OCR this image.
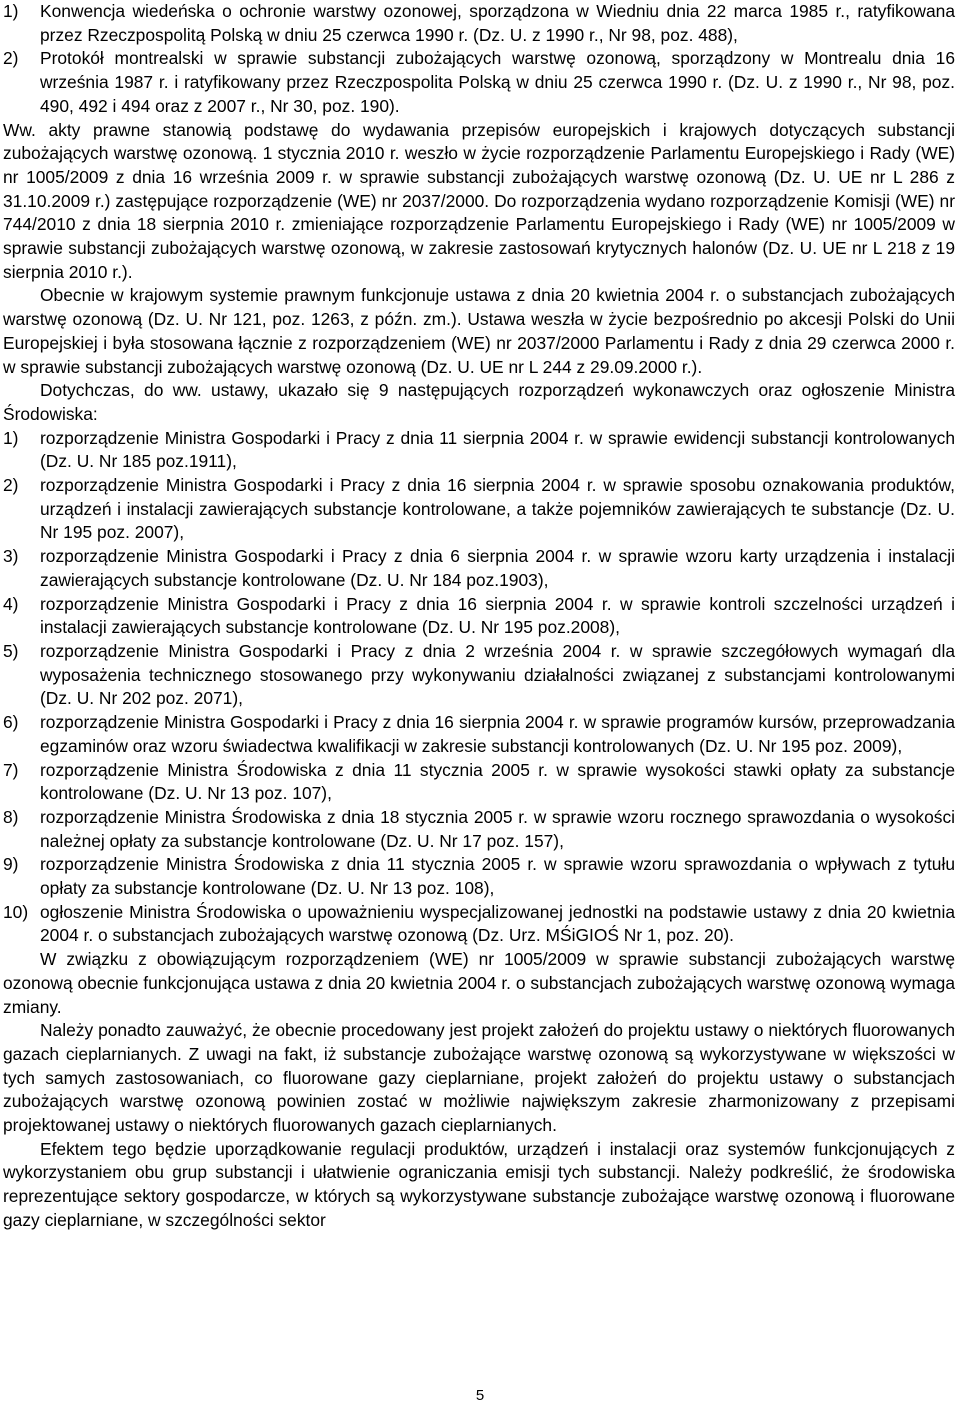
1)	Konwencja wiedeńska o ochronie warstwy ozonowej, sporządzona w Wiedniu dnia 22 marca 1985 r., ratyfikowana przez Rzeczpospolitą Polską w dniu 25 czerwca 1990 r. (Dz. U. z 1990 r., Nr 98, poz. 488),
2)	Protokół montrealski w sprawie substancji zubożających warstwę ozonową, sporządzony w Montrealu dnia 16 września 1987 r. i ratyfikowany przez Rzeczpospolita Polską w dniu 25 czerwca 1990 r. (Dz. U. z 1990 r., Nr 98, poz. 490, 492 i 494 oraz z 2007 r., Nr 30, poz. 190).

Ww. akty prawne stanowią podstawę do wydawania przepisów europejskich i krajowych dotyczących substancji zubożających warstwę ozonową. 1 stycznia 2010 r. weszło w życie rozporządzenie Parlamentu Europejskiego i Rady (WE) nr 1005/2009 z dnia 16 września 2009 r. w sprawie substancji zubożających warstwę ozonową (Dz. U. UE nr L 286 z 31.10.2009 r.) zastępujące rozporządzenie (WE) nr 2037/2000. Do rozporządzenia wydano rozporządzenie Komisji (WE) nr 744/2010 z dnia 18 sierpnia 2010 r. zmieniające rozporządzenie Parlamentu Europejskiego i Rady (WE) nr 1005/2009 w sprawie substancji zubożających warstwę ozonową, w zakresie zastosowań krytycznych halonów (Dz. U. UE nr L 218 z 19 sierpnia 2010 r.).

Obecnie w krajowym systemie prawnym funkcjonuje ustawa z dnia 20 kwietnia 2004 r. o substancjach zubożających warstwę ozonową (Dz. U. Nr 121, poz. 1263, z późn. zm.). Ustawa weszła w życie bezpośrednio po akcesji Polski do Unii Europejskiej i była stosowana łącznie z rozporządzeniem (WE) nr 2037/2000 Parlamentu i Rady z dnia 29 czerwca 2000 r. w sprawie substancji zubożających warstwę ozonową (Dz. U. UE nr L 244 z 29.09.2000 r.).

Dotychczas, do ww. ustawy, ukazało się 9 następujących rozporządzeń wykonawczych oraz ogłoszenie Ministra Środowiska:

1)	rozporządzenie Ministra Gospodarki i Pracy z dnia 11 sierpnia 2004 r. w sprawie ewidencji substancji kontrolowanych (Dz. U. Nr 185 poz.1911),
2)	rozporządzenie Ministra Gospodarki i Pracy z dnia 16 sierpnia 2004 r. w sprawie sposobu oznakowania produktów, urządzeń i instalacji zawierających substancje kontrolowane, a także pojemników zawierających te substancje (Dz. U. Nr 195 poz. 2007),
3)	rozporządzenie Ministra Gospodarki i Pracy z dnia 6 sierpnia 2004 r. w sprawie wzoru karty urządzenia i instalacji zawierających substancje kontrolowane (Dz. U. Nr 184 poz.1903),
4)	rozporządzenie Ministra Gospodarki i Pracy z dnia 16 sierpnia 2004 r. w sprawie kontroli szczelności urządzeń i instalacji zawierających substancje kontrolowane (Dz. U. Nr 195 poz.2008),
5)	rozporządzenie Ministra Gospodarki i Pracy z dnia 2 września 2004 r. w sprawie szczegółowych wymagań dla wyposażenia technicznego stosowanego przy wykonywaniu działalności związanej z substancjami kontrolowanymi (Dz. U. Nr 202 poz. 2071),
6)	rozporządzenie Ministra Gospodarki i Pracy z dnia 16 sierpnia 2004 r. w sprawie programów kursów, przeprowadzania egzaminów oraz wzoru świadectwa kwalifikacji w zakresie substancji kontrolowanych (Dz. U. Nr 195 poz. 2009),
7)	rozporządzenie Ministra Środowiska z dnia 11 stycznia 2005 r. w sprawie wysokości stawki opłaty za substancje kontrolowane (Dz. U. Nr 13 poz. 107),
8)	rozporządzenie Ministra Środowiska z dnia 18 stycznia 2005 r. w sprawie wzoru rocznego sprawozdania o wysokości należnej opłaty za substancje kontrolowane (Dz. U. Nr 17 poz. 157),
9)	rozporządzenie Ministra Środowiska z dnia 11 stycznia 2005 r. w sprawie wzoru sprawozdania o wpływach z tytułu opłaty za substancje kontrolowane (Dz. U. Nr 13 poz. 108),
10) ogłoszenie Ministra Środowiska o upoważnieniu wyspecjalizowanej jednostki na podstawie ustawy z dnia 20 kwietnia 2004 r. o substancjach zubożających warstwę ozonową (Dz. Urz. MŚiGIOŚ Nr 1, poz. 20).

W związku z obowiązującym rozporządzeniem (WE) nr 1005/2009 w sprawie substancji zubożających warstwę ozonową obecnie funkcjonująca ustawa z dnia 20 kwietnia 2004 r. o substancjach zubożających warstwę ozonową wymaga zmiany.

Należy ponadto zauważyć, że obecnie procedowany jest projekt założeń do projektu ustawy o niektórych fluorowanych gazach cieplarnianych. Z uwagi na fakt, iż substancje zubożające warstwę ozonową są wykorzystywane w większości w tych samych zastosowaniach, co fluorowane gazy cieplarniane, projekt założeń do projektu ustawy o substancjach zubożających warstwę ozonową powinien zostać w możliwie największym zakresie zharmonizowany z przepisami projektowanej ustawy o niektórych fluorowanych gazach cieplarnianych.

Efektem tego będzie uporządkowanie regulacji produktów, urządzeń i instalacji oraz systemów funkcjonujących z wykorzystaniem obu grup substancji i ułatwienie ograniczania emisji tych substancji. Należy podkreślić, że środowiska reprezentujące sektory gospodarcze, w których są wykorzystywane substancje zubożające warstwę ozonową i fluorowane gazy cieplarniane, w szczególności sektor

5
